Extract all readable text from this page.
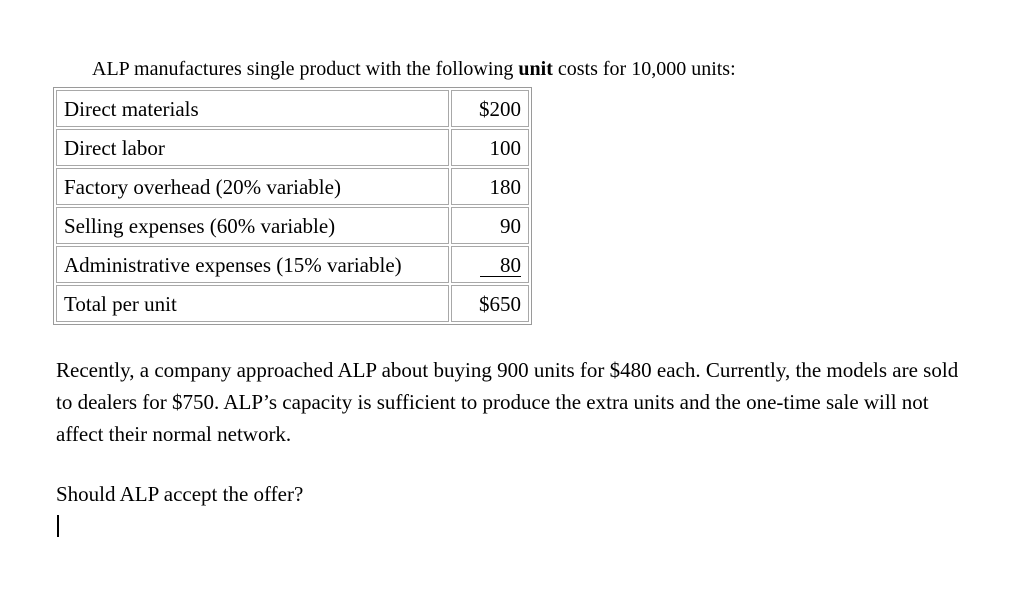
ALP manufactures single product with the following unit costs for 10,000 units:
Direct materials	$200
Direct labor	100
Factory overhead (20% variable)	180
Selling expenses (60% variable)	90
Administrative expenses (15% variable)	80
Total per unit	$650
Recently, a company approached ALP about buying 900 units for $480 each. Currently, the models are sold to dealers for $750. ALP’s capacity is sufficient to produce the extra units and the one-time sale will not affect their normal network.
Should ALP accept the offer?
